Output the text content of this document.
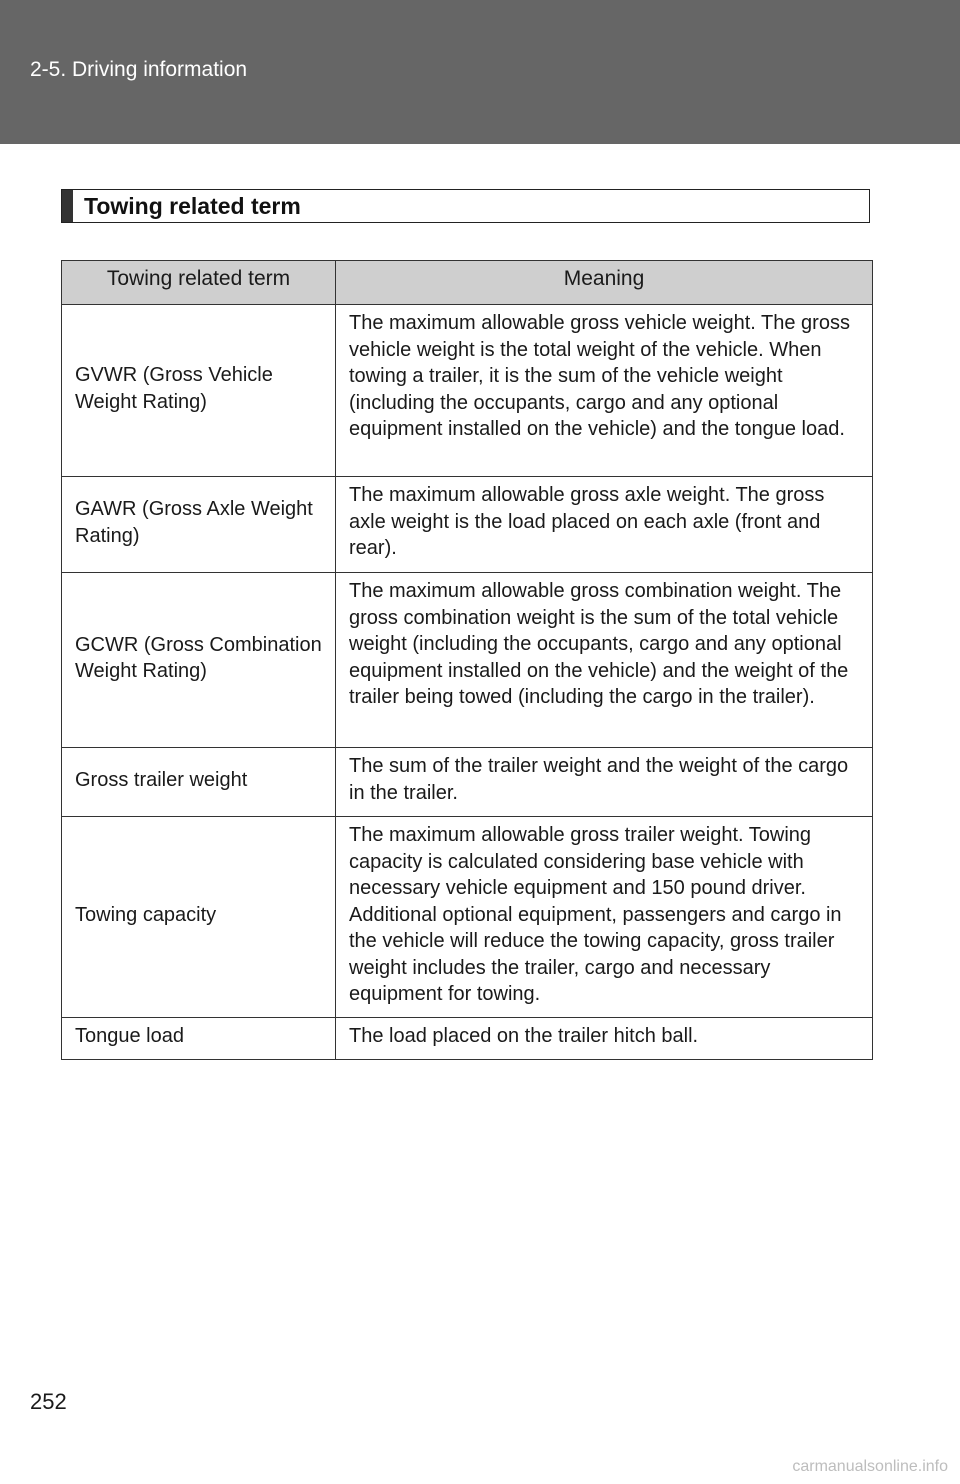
2-5. Driving information
Towing related term
Towing related term	Meaning
GVWR (Gross Vehicle Weight Rating)	The maximum allowable gross vehicle weight. The gross vehicle weight is the total weight of the vehicle. When towing a trailer, it is the sum of the vehicle weight (including the occupants, cargo and any optional equipment installed on the vehicle) and the tongue load.
GAWR (Gross Axle Weight Rating)	The maximum allowable gross axle weight. The gross axle weight is the load placed on each axle (front and rear).
GCWR (Gross Combination Weight Rating)	The maximum allowable gross combination weight. The gross combination weight is the sum of the total vehicle weight (including the occupants, cargo and any optional equipment installed on the vehicle) and the weight of the trailer being towed (including the cargo in the trailer).
Gross trailer weight	The sum of the trailer weight and the weight of the cargo in the trailer.
Towing capacity	The maximum allowable gross trailer weight. Towing capacity is calculated considering base vehicle with necessary vehicle equipment and 150 pound driver. Additional optional equipment, passengers and cargo in the vehicle will reduce the towing capacity, gross trailer weight includes the trailer, cargo and necessary equipment for towing.
Tongue load	The load placed on the trailer hitch ball.
252
carmanualsonline.info
